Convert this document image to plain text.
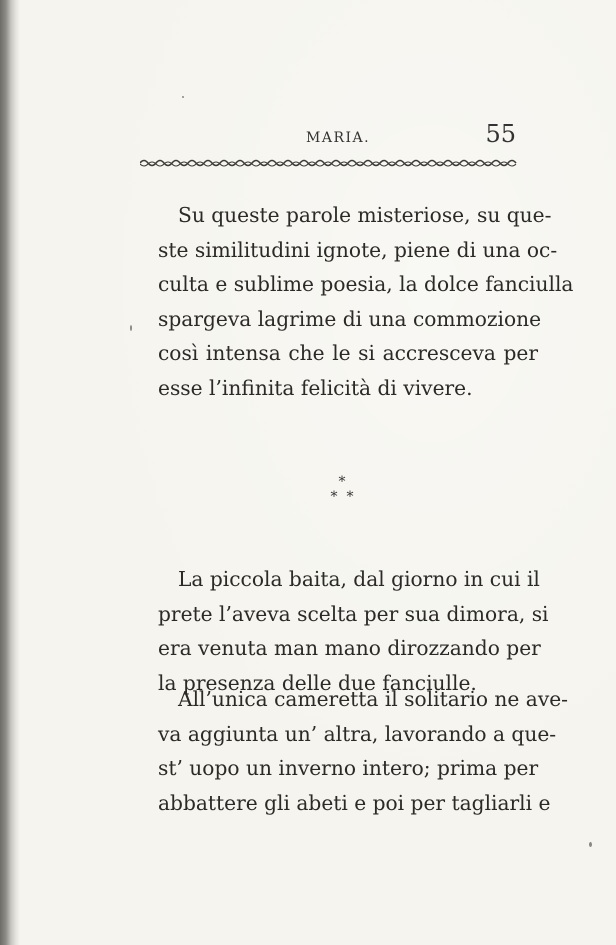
MARIA.	55
Su queste parole misteriose, su que-
ste similitudini ignote, piene di una oc-
culta e sublime poesia, la dolce fanciulla
spargeva lagrime di una commozione
così intensa che le si accresceva per
esse l’infinita felicità di vivere.
*
* *
La piccola baita, dal giorno in cui il
prete l’aveva scelta per sua dimora, si
era venuta man mano dirozzando per
la presenza delle due fanciulle.
All’unica cameretta il solitario ne ave-
va aggiunta un’ altra, lavorando a que-
st’ uopo un inverno intero; prima per
abbattere gli abeti e poi per tagliarli e
